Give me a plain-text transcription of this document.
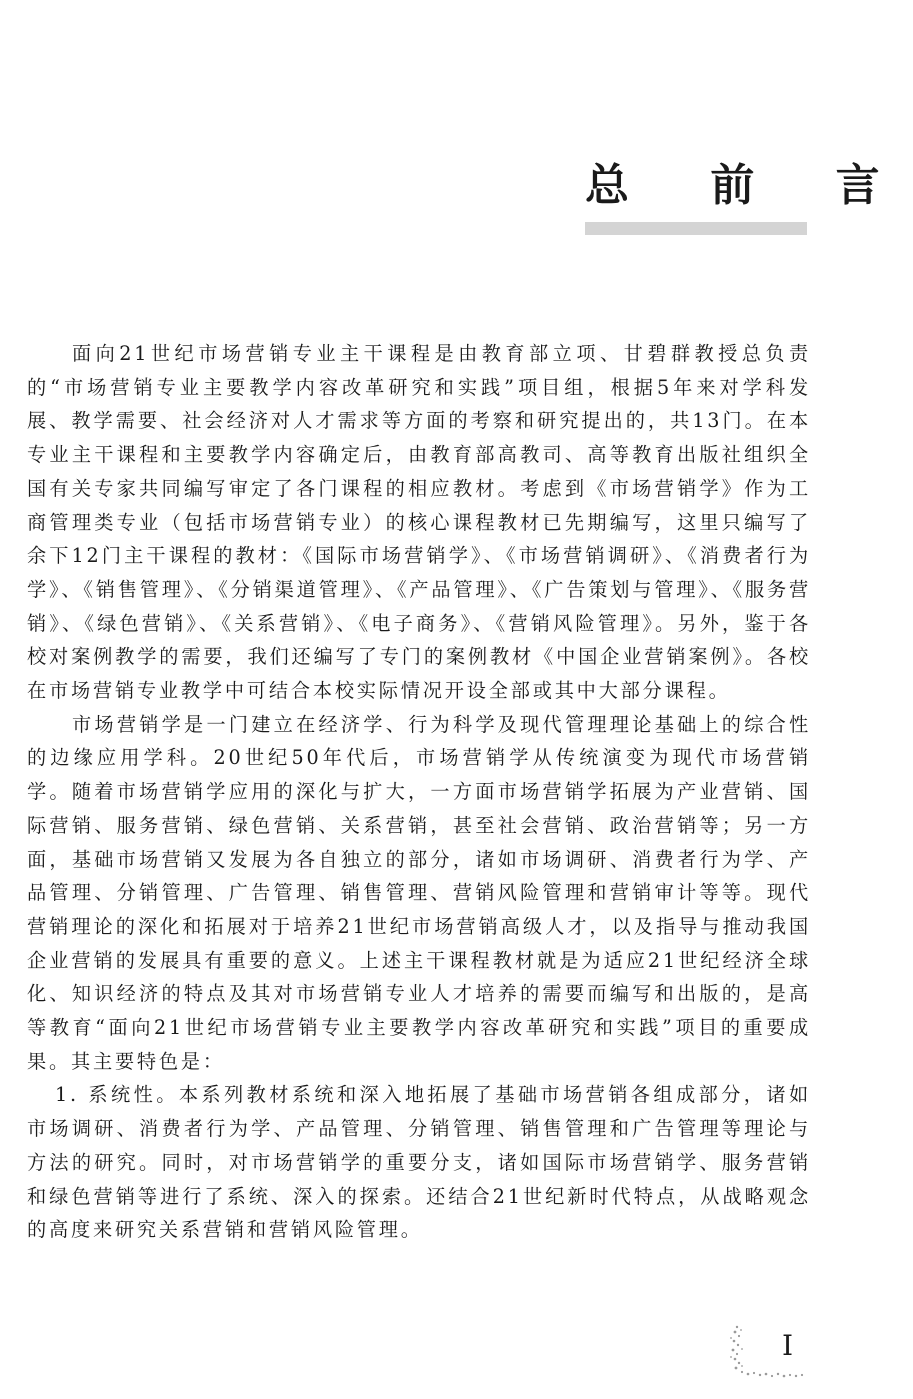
总 前 言

面向21世纪市场营销专业主干课程是由教育部立项、甘碧群教授总负责的“市场营销专业主要教学内容改革研究和实践”项目组，根据5年来对学科发展、教学需要、社会经济对人才需求等方面的考察和研究提出的，共13门。在本专业主干课程和主要教学内容确定后，由教育部高教司、高等教育出版社组织全国有关专家共同编写审定了各门课程的相应教材。考虑到《市场营销学》作为工商管理类专业（包括市场营销专业）的核心课程教材已先期编写，这里只编写了余下12门主干课程的教材：《国际市场营销学》、《市场营销调研》、《消费者行为学》、《销售管理》、《分销渠道管理》、《产品管理》、《广告策划与管理》、《服务营销》、《绿色营销》、《关系营销》、《电子商务》、《营销风险管理》。另外，鉴于各校对案例教学的需要，我们还编写了专门的案例教材《中国企业营销案例》。各校在市场营销专业教学中可结合本校实际情况开设全部或其中大部分课程。

市场营销学是一门建立在经济学、行为科学及现代管理理论基础上的综合性的边缘应用学科。20世纪50年代后，市场营销学从传统演变为现代市场营销学。随着市场营销学应用的深化与扩大，一方面市场营销学拓展为产业营销、国际营销、服务营销、绿色营销、关系营销，甚至社会营销、政治营销等；另一方面，基础市场营销又发展为各自独立的部分，诸如市场调研、消费者行为学、产品管理、分销管理、广告管理、销售管理、营销风险管理和营销审计等等。现代营销理论的深化和拓展对于培养21世纪市场营销高级人才，以及指导与推动我国企业营销的发展具有重要的意义。上述主干课程教材就是为适应21世纪经济全球化、知识经济的特点及其对市场营销专业人才培养的需要而编写和出版的，是高等教育“面向21世纪市场营销专业主要教学内容改革研究和实践”项目的重要成果。其主要特色是：

1. 系统性。本系列教材系统和深入地拓展了基础市场营销各组成部分，诸如市场调研、消费者行为学、产品管理、分销管理、销售管理和广告管理等理论与方法的研究。同时，对市场营销学的重要分支，诸如国际市场营销学、服务营销和绿色营销等进行了系统、深入的探索。还结合21世纪新时代特点，从战略观念的高度来研究关系营销和营销风险管理。

I
